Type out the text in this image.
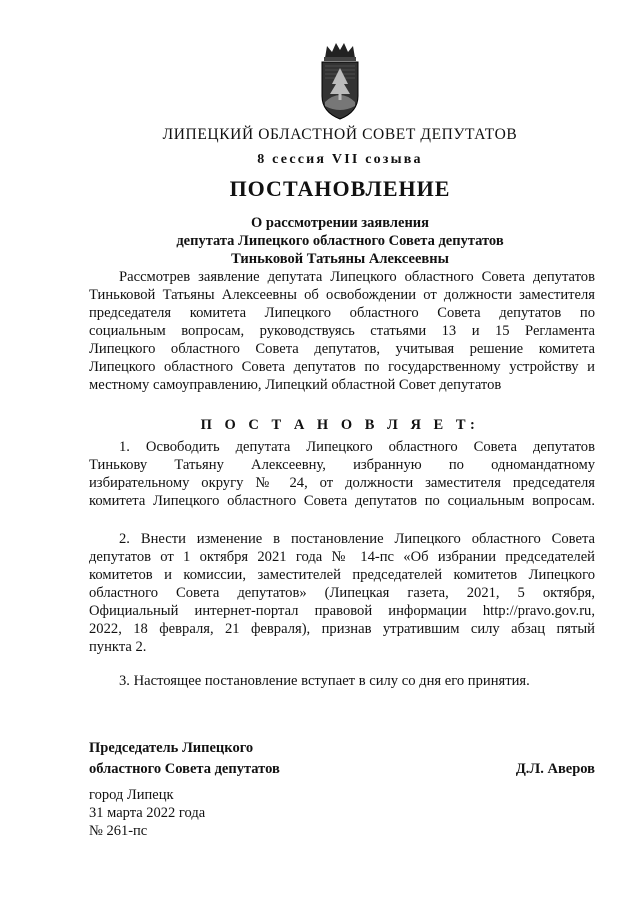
ЛИПЕЦКИЙ ОБЛАСТНОЙ СОВЕТ ДЕПУТАТОВ
8 сессия VII созыва
ПОСТАНОВЛЕНИЕ
О рассмотрении заявления
депутата Липецкого областного Совета депутатов
Тиньковой Татьяны Алексеевны
Рассмотрев заявление депутата Липецкого областного Совета депутатов
Тиньковой Татьяны Алексеевны об освобождении от должности заместителя
председателя комитета Липецкого областного Совета депутатов по
социальным вопросам, руководствуясь статьями 13 и 15 Регламента
Липецкого областного Совета депутатов, учитывая решение комитета
Липецкого областного Совета депутатов по государственному устройству и
местному самоуправлению, Липецкий областной Совет депутатов
П О С Т А Н О В Л Я Е Т:
1. Освободить депутата Липецкого областного Совета депутатов
Тинькову Татьяну Алексеевну, избранную по одномандатному
избирательному округу № 24, от должности заместителя председателя
комитета Липецкого областного Совета депутатов по социальным вопросам.
2. Внести изменение в постановление Липецкого областного Совета
депутатов от 1 октября 2021 года № 14-пс «Об избрании председателей
комитетов и комиссии, заместителей председателей комитетов Липецкого
областного Совета депутатов» (Липецкая газета, 2021, 5 октября,
Официальный интернет-портал правовой информации http://pravo.gov.ru,
2022, 18 февраля, 21 февраля), признав утратившим силу абзац пятый
пункта 2.
3. Настоящее постановление вступает в силу со дня его принятия.
Председатель Липецкого
областного Совета депутатов	Д.Л. Аверов
город Липецк
31 марта 2022 года
№ 261-пс
